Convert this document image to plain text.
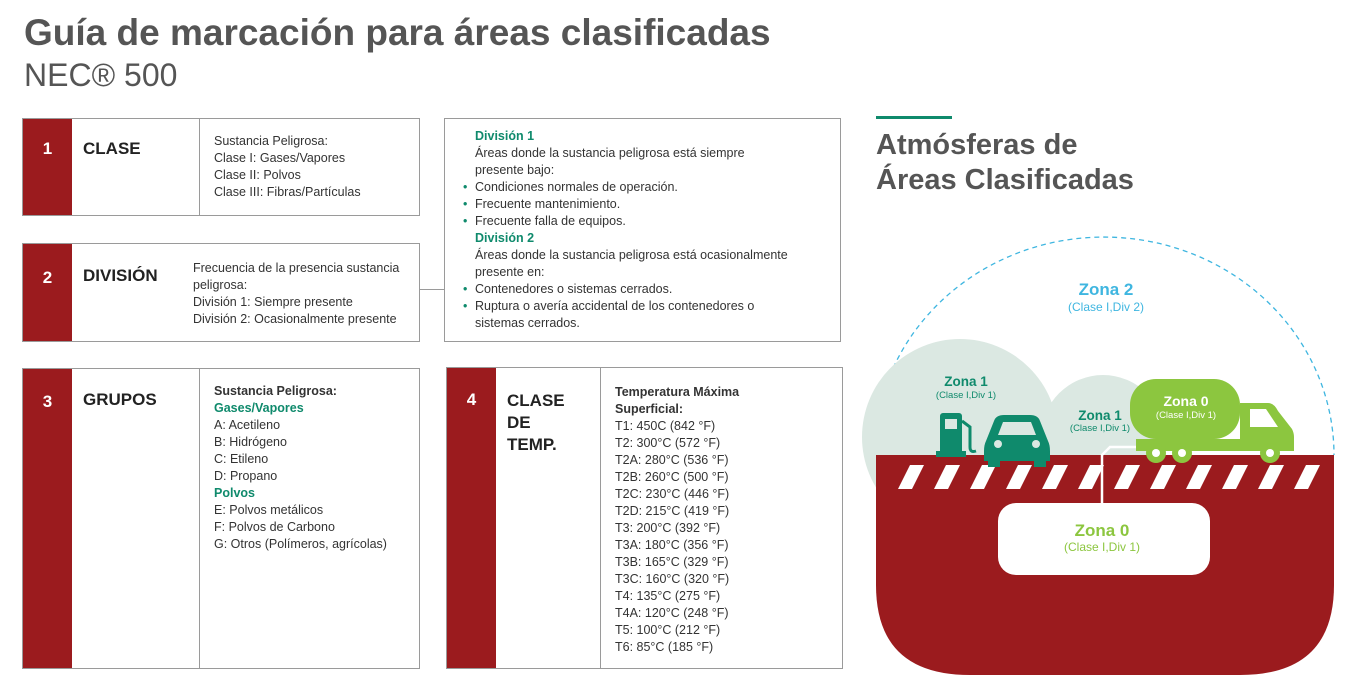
Guía de marcación para áreas clasificadas
NEC® 500
1	CLASE	Sustancia Peligrosa:
Clase I: Gases/Vapores
Clase II: Polvos
Clase III: Fibras/Partículas
2	DIVISIÓN	Frecuencia de la presencia sustancia
peligrosa:
División 1: Siempre presente
División 2: Ocasionalmente presente
División 1
Áreas donde la sustancia peligrosa está siempre
presente bajo:
• Condiciones normales de operación.
• Frecuente mantenimiento.
• Frecuente falla de equipos.
División 2
Áreas donde la sustancia peligrosa está ocasionalmente
presente en:
• Contenedores o sistemas cerrados.
• Ruptura o avería accidental de los contenedores o
sistemas cerrados.
3	GRUPOS	Sustancia Peligrosa:
Gases/Vapores
A: Acetileno
B: Hidrógeno
C: Etileno
D: Propano
Polvos
E: Polvos metálicos
F: Polvos de Carbono
G: Otros (Polímeros, agrícolas)
4	CLASE
DE
TEMP.
Temperatura Máxima
Superficial:
T1: 450C (842 °F)
T2: 300°C (572 °F)
T2A: 280°C (536 °F)
T2B: 260°C (500 °F)
T2C: 230°C (446 °F)
T2D: 215°C (419 °F)
T3: 200°C (392 °F)
T3A: 180°C (356 °F)
T3B: 165°C (329 °F)
T3C: 160°C (320 °F)
T4: 135°C (275 °F)
T4A: 120°C (248 °F)
T5: 100°C (212 °F)
T6: 85°C (185 °F)
Atmósferas de
Áreas Clasificadas
Zona 2
(Clase I,Div 2)
Zona 1
(Clase I,Div 1)
Zona 1
(Clase I,Div 1)
Zona 0
(Clase I,Div 1)
Zona 0
(Clase I,Div 1)
